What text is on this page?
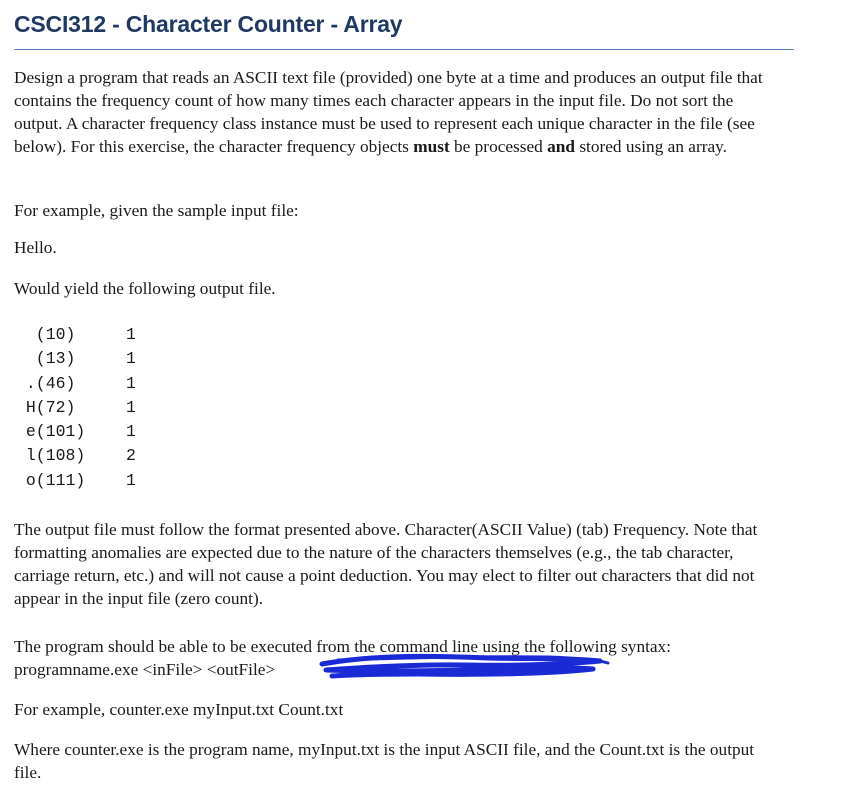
CSCI312 - Character Counter - Array

Design a program that reads an ASCII text file (provided) one byte at a time and produces an output file that contains the frequency count of how many times each character appears in the input file. Do not sort the output. A character frequency class instance must be used to represent each unique character in the file (see below). For this exercise, the character frequency objects must be processed and stored using an array.

For example, given the sample input file:

Hello.

Would yield the following output file.

(10)	1
(13)	1
.(46)	1
H(72)	1
e(101)	1
l(108)	2
o(111)	1

The output file must follow the format presented above. Character(ASCII Value) (tab) Frequency. Note that formatting anomalies are expected due to the nature of the characters themselves (e.g., the tab character, carriage return, etc.) and will not cause a point deduction. You may elect to filter out characters that did not appear in the input file (zero count).

The program should be able to be executed from the command line using the following syntax:

programname.exe <inFile> <outFile>

For example, counter.exe myInput.txt Count.txt

Where counter.exe is the program name, myInput.txt is the input ASCII file, and the Count.txt is the output file.
